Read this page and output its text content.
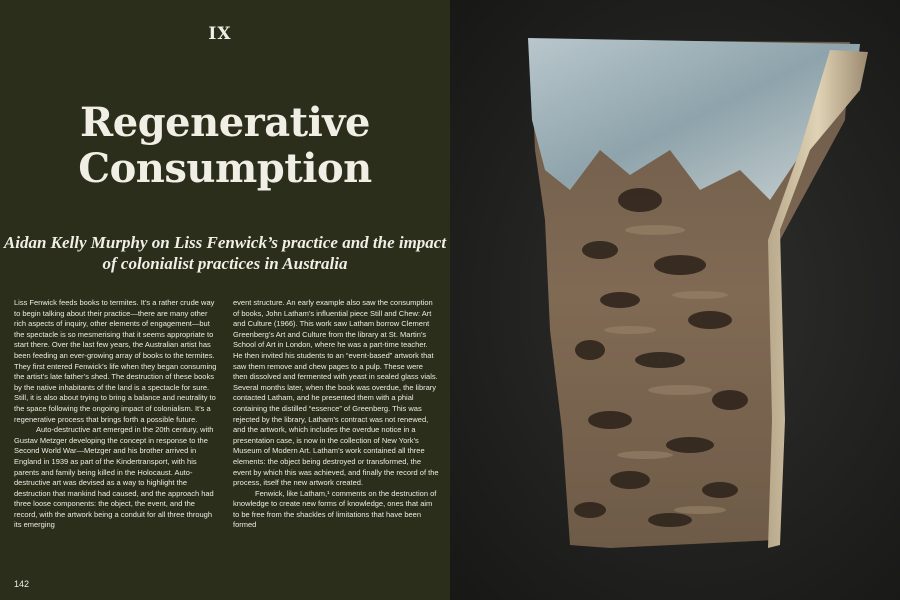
IX
Regenerative Consumption
Aidan Kelly Murphy on Liss Fenwick’s practice and the impact of colonialist practices in Australia

Liss Fenwick feeds books to termites. It’s a rather crude way to begin talking about their practice—there are many other rich aspects of inquiry, other elements of engagement—but the spectacle is so mesmerising that it seems appropriate to start there. Over the last few years, the Australian artist has been feeding an ever-growing array of books to the termites. They first entered Fenwick’s life when they began consuming the artist’s late father’s shed. The destruction of these books by the native inhabitants of the land is a spectacle for sure. Still, it is also about trying to bring a balance and neutrality to the space following the ongoing impact of colonialism. It’s a regenerative process that brings forth a possible future.

Auto-destructive art emerged in the 20th century, with Gustav Metzger developing the concept in response to the Second World War—Metzger and his brother arrived in England in 1939 as part of the Kindertransport, with his parents and family being killed in the Holocaust. Auto-destructive art was devised as a way to highlight the destruction that mankind had caused, and the approach had three loose components: the object, the event, and the record, with the artwork being a conduit for all three through its emerging

event structure. An early example also saw the consumption of books, John Latham’s influential piece Still and Chew: Art and Culture (1966). This work saw Latham borrow Clement Greenberg’s Art and Culture from the library at St. Martin’s School of Art in London, where he was a part-time teacher. He then invited his students to an “event-based” artwork that saw them remove and chew pages to a pulp. These were then dissolved and fermented with yeast in sealed glass vials. Several months later, when the book was overdue, the library contacted Latham, and he presented them with a phial containing the distilled “essence” of Greenberg. This was rejected by the library, Latham’s contract was not renewed, and the artwork, which includes the overdue notice in a presentation case, is now in the collection of New York’s Museum of Modern Art. Latham’s work contained all three elements: the object being destroyed or transformed, the event by which this was achieved, and finally the record of the process, itself the new artwork created.

Fenwick, like Latham,¹ comments on the destruction of knowledge to create new forms of knowledge, ones that aim to be free from the shackles of limitations that have been formed

142
